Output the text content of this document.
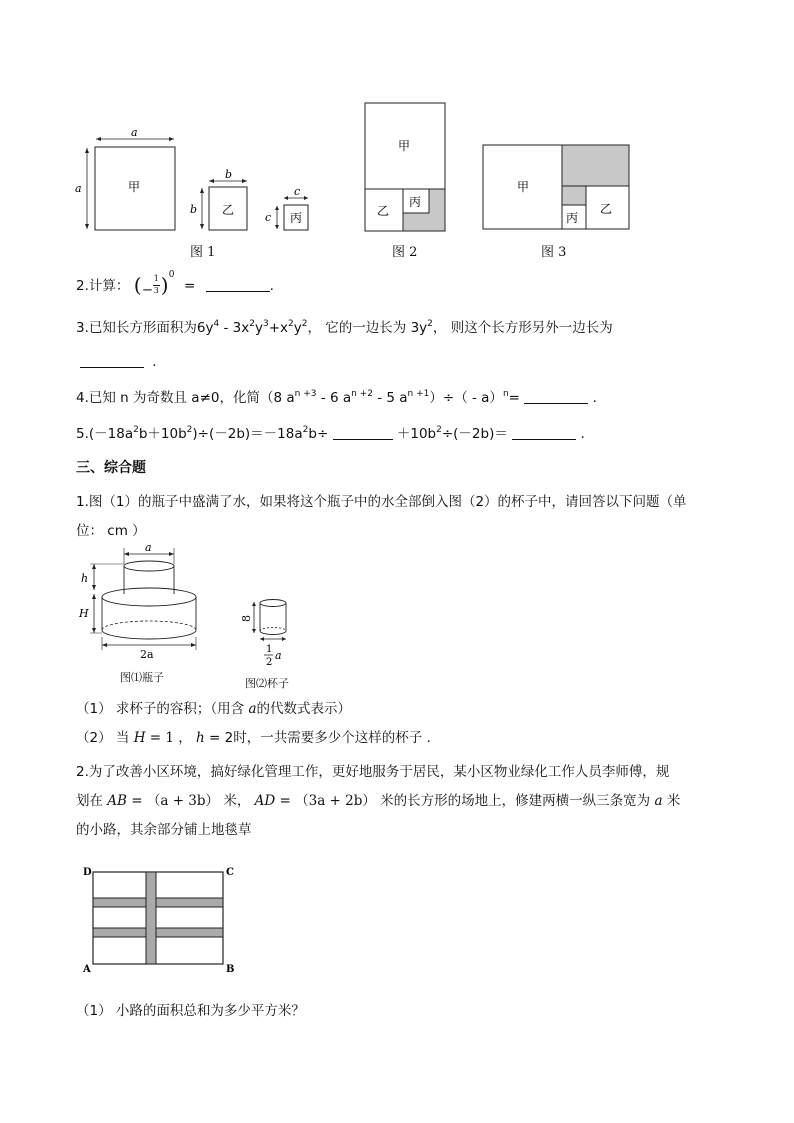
甲
a
a
乙
b
b
丙
c
c
图 1
甲
乙
丙
图 2
甲
乙
丙
图 3
2.计算： ( −
1
3 ) 0
=	.
3.已知长方形面积为$6y^4 - 3x^2y^3+x^2y^2$， 它的一边长为 $3y^2$， 则这个长方形另外一边长为
.
4.已知 n 为奇数且 a≠0，化简（8 $a^{n +3} - 6$ $a^{n +2} - 5$ $a^{n +1})\div( - a)^n=$	.
$5.(-18a^2b+10b^2)\div(-2b)=-18a^2b\div$	$+10b^2\div(-2b)=$	.
三、综合题
1.图（1）的瓶子中盛满了水，如果将这个瓶子中的水全部倒入图（2）的杯子中，请回答以下问题（单
位： cm ）
a
h
H
2a
8
1
2
a
图⑴瓶子	图⑵杯子
（1） 求杯子的容积；（用含 a的代数式表示）
（2） 当 H = 1 ， h = 2时，一共需要多少个这样的杯子 .
2.为了改善小区环境，搞好绿化管理工作，更好地服务于居民，某小区物业绿化工作人员李师傅，规
划在 AB = （a + 3b） 米， AD = （3a + 2b） 米的长方形的场地上，修建两横一纵三条宽为 a 米
的小路，其余部分铺上地毯草
D	C
A	B
（1） 小路的面积总和为多少平方米？
